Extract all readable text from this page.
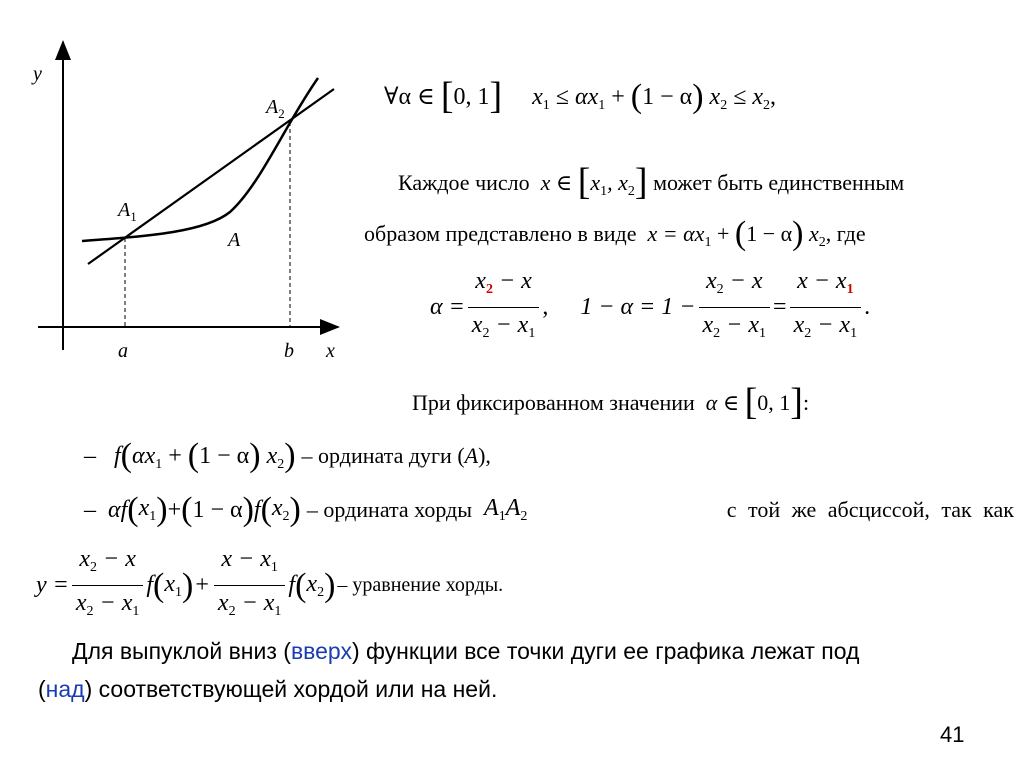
y
x
a	b
$A_1$
$A_2$
A
∀α ∈ [0, 1] $x_1 \le \alpha x_1 + (1 - \alpha) x_2 \le x_2$,
Каждое число x ∈ [$x_1$, $x_2$] может быть единственным
образом представлено в виде $x = \alpha x_1 + (1 - \alpha)$ $x_2$, где
$\alpha = \frac{x_2 - x}{x_2 - x_1}$ , $1 - \alpha = 1 - \frac{x_2 - x}{x_2 - x_1} = \frac{x - x_1}{x_2 - x_1}$ .
При фиксированном значении α ∈ [0, 1]:
– $f(\alpha x_1 + (1 - \alpha)$ $x_2$) – ордината дуги (A),
–
αf ( $x_1$ ) + ( 1 − α ) f ( $x_2$ )
– ордината хорды
$A_1A_2$	с той же абсциссой, так как
$y = \frac{x_2 - x}{x_2 - x_1}$ f ( $x_1$ ) + $\frac{x - x_1}{x_2 - x_1}$ f ( $x_2$ ) – уравнение хорды.
Для выпуклой вниз (вверх) функции все точки дуги ее графика лежат под
(над) соответствующей хордой или на ней.
41
